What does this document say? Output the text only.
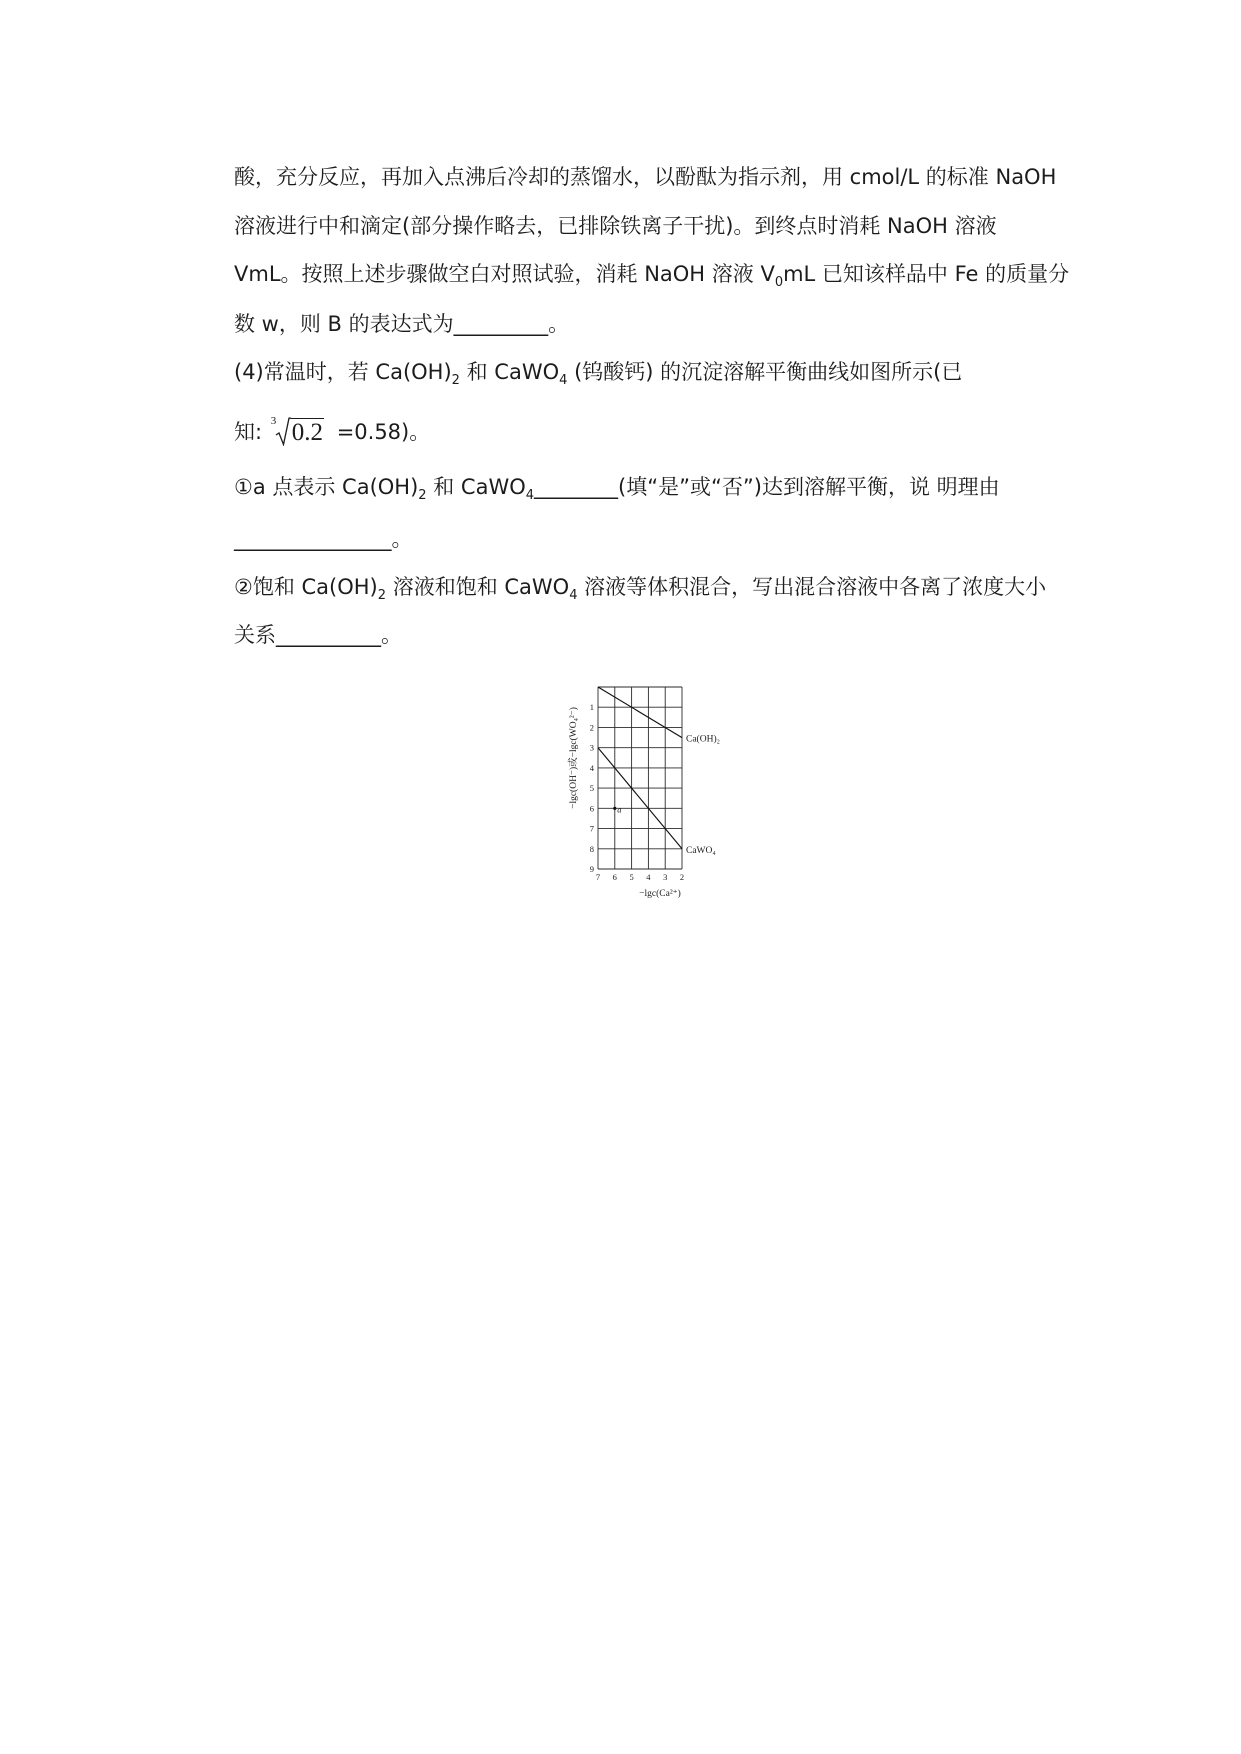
酸，充分反应，再加入点沸后冷却的蒸馏水，以酚酞为指示剂，用 cmol/L 的标准 NaOH
溶液进行中和滴定(部分操作略去，已排除铁离子干扰)。到终点时消耗 NaOH 溶液
VmL。按照上述步骤做空白对照试验，消耗 NaOH 溶液 $V_0mL$ 已知该样品中 Fe 的质量分
数 w，则 B 的表达式为_________。
(4)常温时，若 $Ca(OH)_2$ 和 CaWO$_4$ (钨酸钙) 的沉淀溶解平衡曲线如图所示(已
知: 3 0.2 =0.58)。
①a 点表示 $Ca(OH)_2$ 和 CaWO$_4$________(填“是”或“否”)达到溶解平衡，说 明理由
_______________。
②饱和 $Ca(OH)_2$ 溶液和饱和 CaWO$_4$ 溶液等体积混合，写出混合溶液中各离了浓度大小
关系__________。
7 6 5 4 3 2
1
2
3
4
5
6
7
8
9
Ca(OH)₂
CaWO₄
a
−lgc(Ca²⁺)
−lgc(OH⁻)或−lgc(WO₄²⁻)
